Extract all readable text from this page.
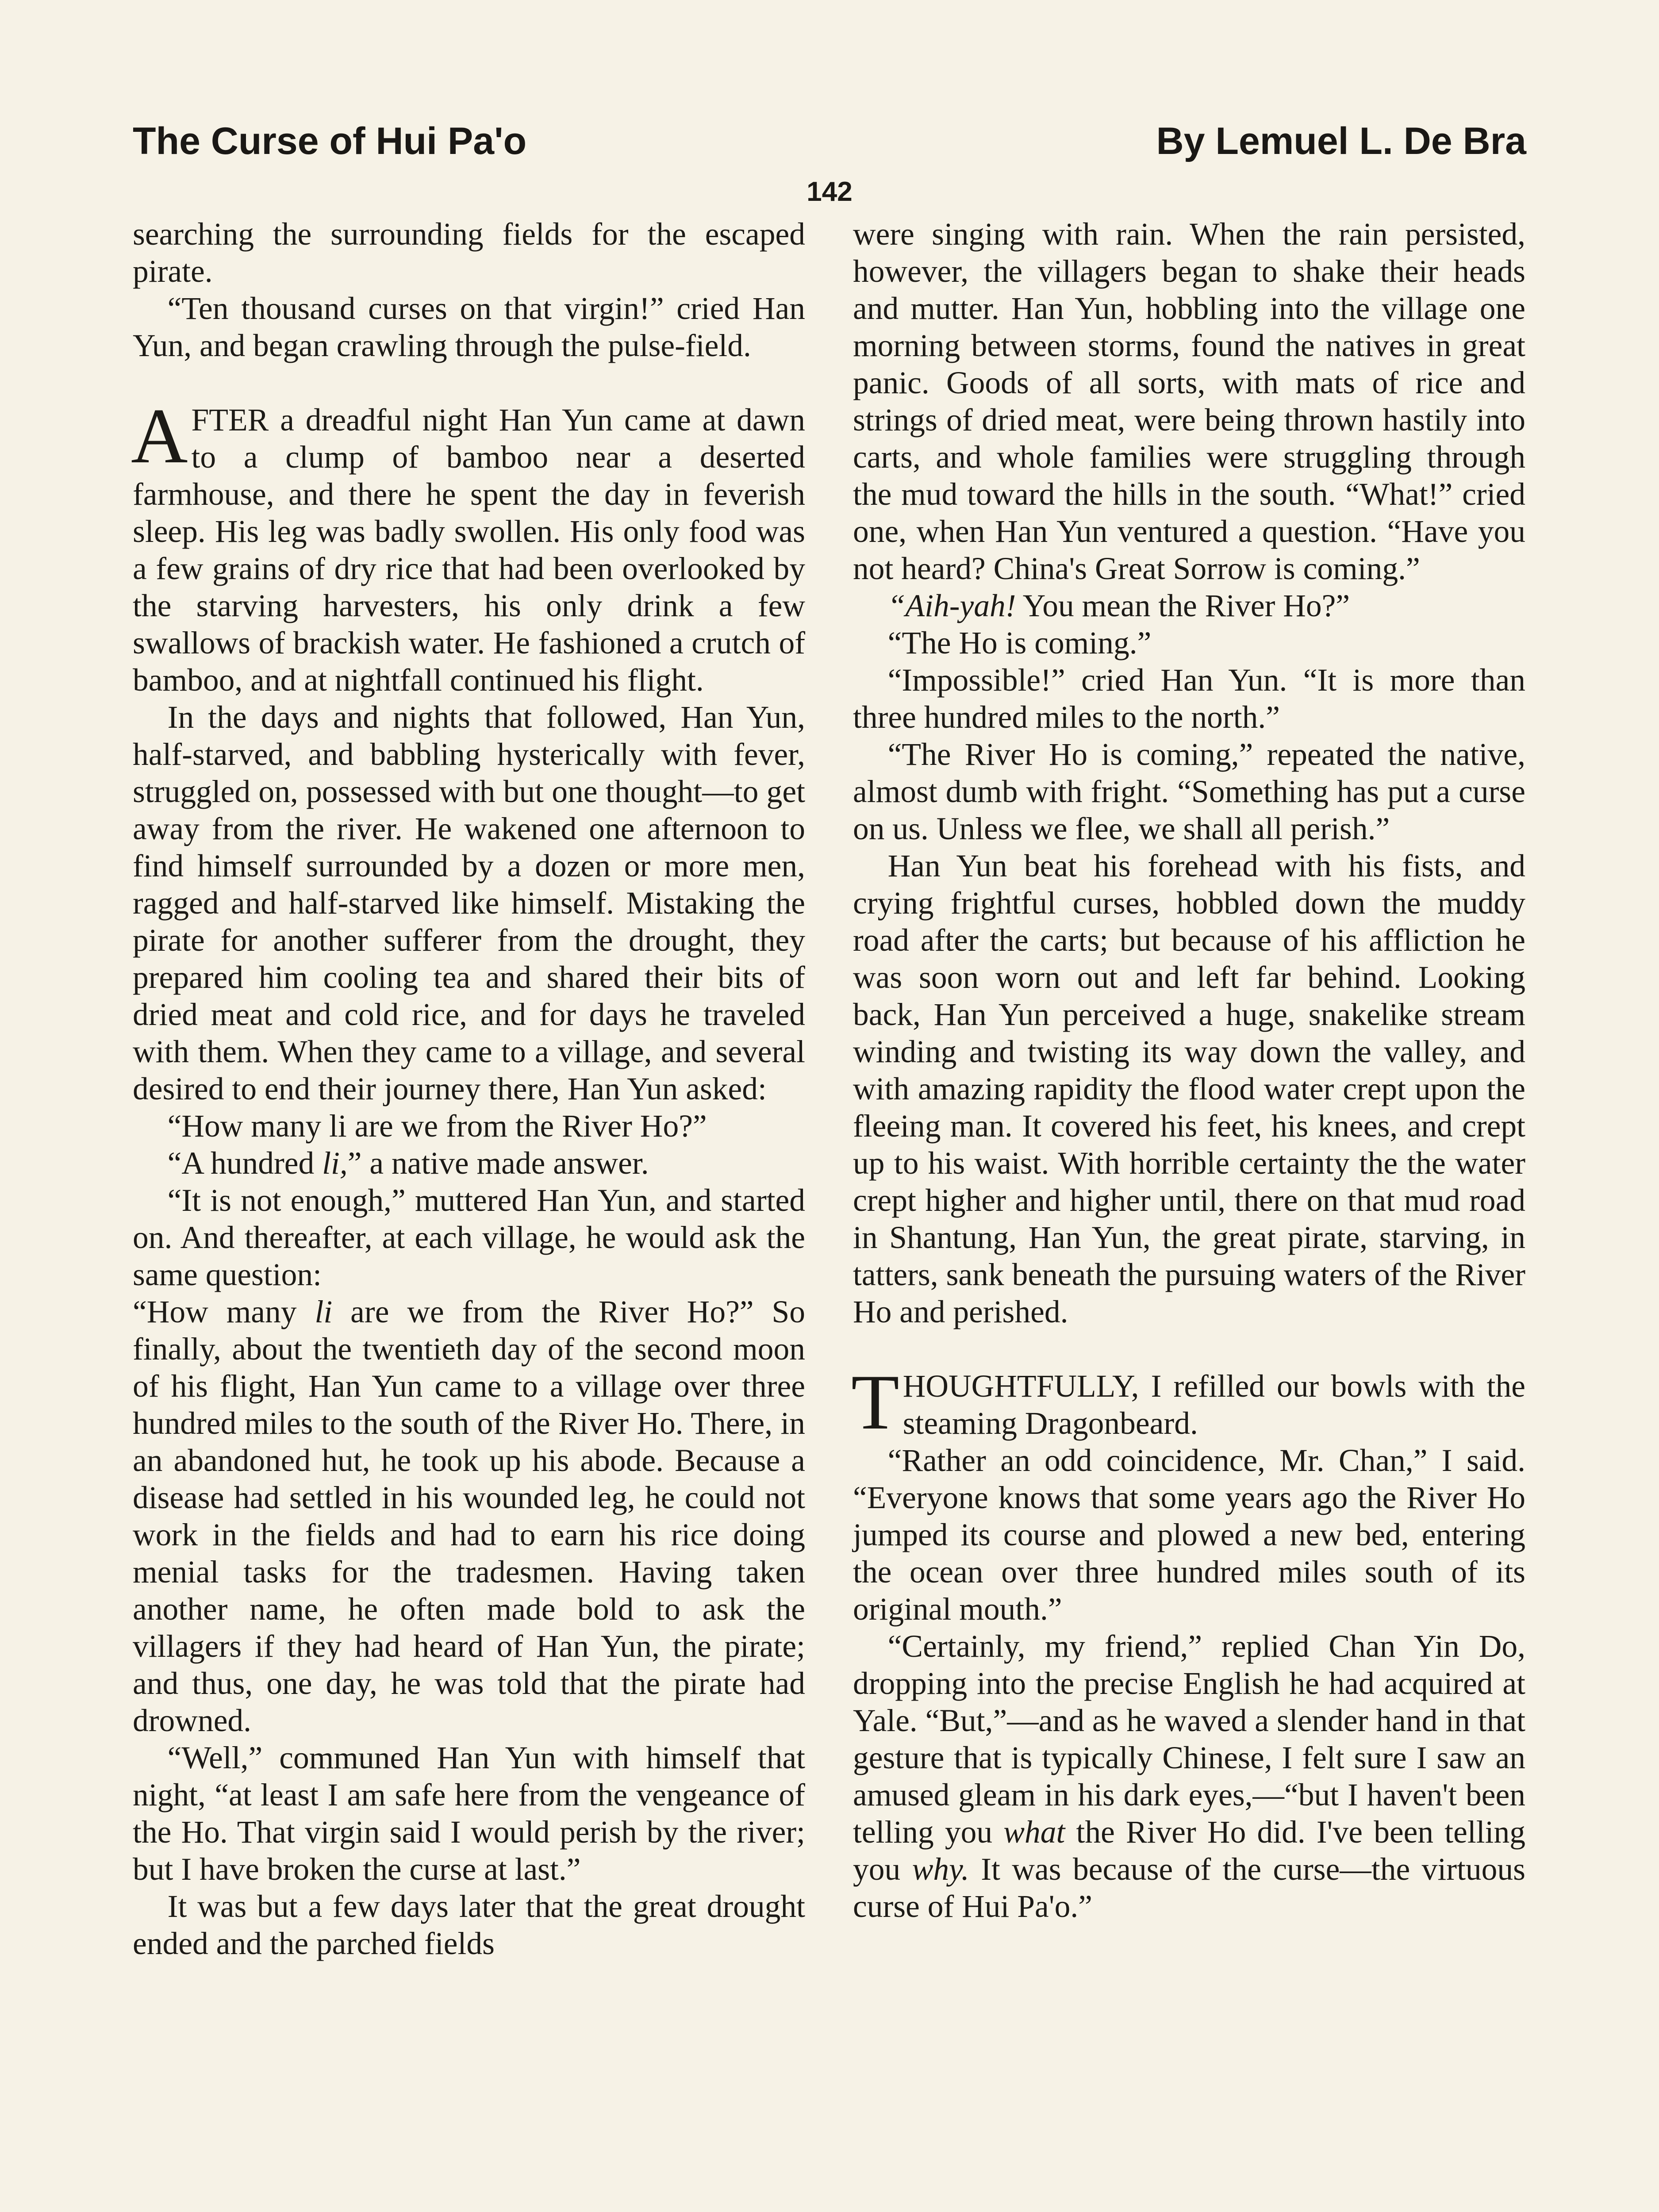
The Curse of Hui Pa'o	By Lemuel L. De Bra
142

searching the surrounding fields for the escaped pirate.

“Ten thousand curses on that virgin!” cried Han Yun, and began crawling through the pulse-field.

AFTER a dreadful night Han Yun came at dawn to a clump of bamboo near a deserted farmhouse, and there he spent the day in feverish sleep. His leg was badly swollen. His only food was a few grains of dry rice that had been overlooked by the starving harvesters, his only drink a few swallows of brackish water. He fashioned a crutch of bamboo, and at nightfall continued his flight.

In the days and nights that followed, Han Yun, half-starved, and babbling hysterically with fever, struggled on, possessed with but one thought—to get away from the river. He wakened one afternoon to find himself surrounded by a dozen or more men, ragged and half-starved like himself. Mistaking the pirate for another sufferer from the drought, they prepared him cooling tea and shared their bits of dried meat and cold rice, and for days he traveled with them. When they came to a village, and several desired to end their journey there, Han Yun asked:

“How many li are we from the River Ho?”

“A hundred li,” a native made answer.

“It is not enough,” muttered Han Yun, and started on. And thereafter, at each village, he would ask the same question:

“How many li are we from the River Ho?” So finally, about the twentieth day of the second moon of his flight, Han Yun came to a village over three hundred miles to the south of the River Ho. There, in an abandoned hut, he took up his abode. Because a disease had settled in his wounded leg, he could not work in the fields and had to earn his rice doing menial tasks for the tradesmen. Having taken another name, he often made bold to ask the villagers if they had heard of Han Yun, the pirate; and thus, one day, he was told that the pirate had drowned.

“Well,” communed Han Yun with himself that night, “at least I am safe here from the vengeance of the Ho. That virgin said I would perish by the river; but I have broken the curse at last.”

It was but a few days later that the great drought ended and the parched fields

were singing with rain. When the rain persisted, however, the villagers began to shake their heads and mutter. Han Yun, hobbling into the village one morning between storms, found the natives in great panic. Goods of all sorts, with mats of rice and strings of dried meat, were being thrown hastily into carts, and whole families were struggling through the mud toward the hills in the south. “What!” cried one, when Han Yun ventured a question. “Have you not heard? China's Great Sorrow is coming.”

“Aih-yah! You mean the River Ho?”

“The Ho is coming.”

“Impossible!” cried Han Yun. “It is more than three hundred miles to the north.”

“The River Ho is coming,” repeated the native, almost dumb with fright. “Something has put a curse on us. Unless we flee, we shall all perish.”

Han Yun beat his forehead with his fists, and crying frightful curses, hobbled down the muddy road after the carts; but because of his affliction he was soon worn out and left far behind. Looking back, Han Yun perceived a huge, snakelike stream winding and twisting its way down the valley, and with amazing rapidity the flood water crept upon the fleeing man. It covered his feet, his knees, and crept up to his waist. With horrible certainty the the water crept higher and higher until, there on that mud road in Shantung, Han Yun, the great pirate, starving, in tatters, sank beneath the pursuing waters of the River Ho and perished.

THOUGHTFULLY, I refilled our bowls with the steaming Dragonbeard.

“Rather an odd coincidence, Mr. Chan,” I said. “Everyone knows that some years ago the River Ho jumped its course and plowed a new bed, entering the ocean over three hundred miles south of its original mouth.”

“Certainly, my friend,” replied Chan Yin Do, dropping into the precise English he had acquired at Yale. “But,”—and as he waved a slender hand in that gesture that is typically Chinese, I felt sure I saw an amused gleam in his dark eyes,—“but I haven't been telling you what the River Ho did. I've been telling you why. It was because of the curse—the virtuous curse of Hui Pa'o.”
